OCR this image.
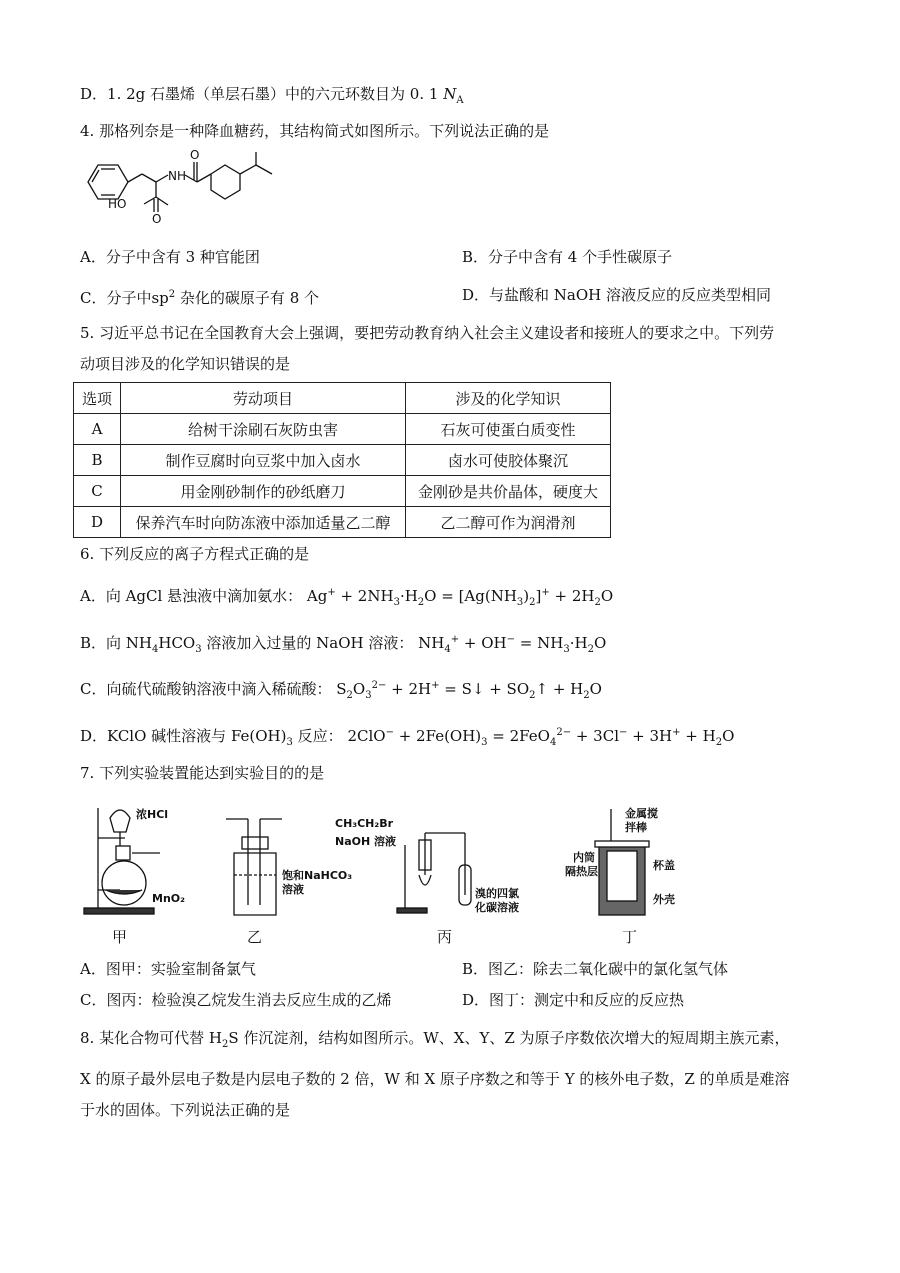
D．1. 2g 石墨烯（单层石墨）中的六元环数目为 0. 1 $N_A$
4. 那格列奈是一种降血糖药，其结构简式如图所示。下列说法正确的是
O
NH
HO
O
A．分子中含有 3 种官能团	B．分子中含有 4 个手性碳原子
C．分子中$sp^2$ 杂化的碳原子有 8 个	D．与盐酸和 NaOH 溶液反应的反应类型相同
5. 习近平总书记在全国教育大会上强调，要把劳动教育纳入社会主义建设者和接班人的要求之中。下列劳
动项目涉及的化学知识错误的是
选项	劳动项目	涉及的化学知识
A	给树干涂刷石灰防虫害	石灰可使蛋白质变性
B	制作豆腐时向豆浆中加入卤水	卤水可使胶体聚沉
C	用金刚砂制作的砂纸磨刀	金刚砂是共价晶体，硬度大
D	保养汽车时向防冻液中添加适量乙二醇	乙二醇可作为润滑剂
6. 下列反应的离子方程式正确的是
A．向 AgCl 悬浊液中滴加氨水： $Ag^+ + 2NH_3\cdot H_2O = [Ag(NH_3)_2]^+ + 2H_2O$
B．向 $NH_4HCO_3$ 溶液加入过量的 NaOH 溶液： $NH_4^+ + OH^- = NH_3\cdot H_2O$
C．向硫代硫酸钠溶液中滴入稀硫酸： $S_2O_3^{2-} + 2H^+$ = S↓ + $SO_2↑ + H_2O$
D．KClO 碱性溶液与 $Fe(OH)_3$ 反应： $2ClO^- + 2Fe(OH)_3 = 2FeO_4^{2-} + 3Cl^- + 3H^+ + H_2O$
7. 下列实验装置能达到实验目的的是
浓HCl
MnO₂
甲
饱和NaHCO₃
溶液
乙
CH₃CH₂Br
NaOH 溶液
溴的四氯
化碳溶液
丙
金属搅
拌棒
内筒
隔热层	杯盖
外壳
丁
A．图甲：实验室制备氯气	B．图乙：除去二氧化碳中的氯化氢气体
C．图丙：检验溴乙烷发生消去反应生成的乙烯	D．图丁：测定中和反应的反应热
8. 某化合物可代替 $H_2S$ 作沉淀剂，结构如图所示。W、X、Y、Z 为原子序数依次增大的短周期主族元素，
X 的原子最外层电子数是内层电子数的 2 倍，W 和 X 原子序数之和等于 Y 的核外电子数，Z 的单质是难溶
于水的固体。下列说法正确的是
